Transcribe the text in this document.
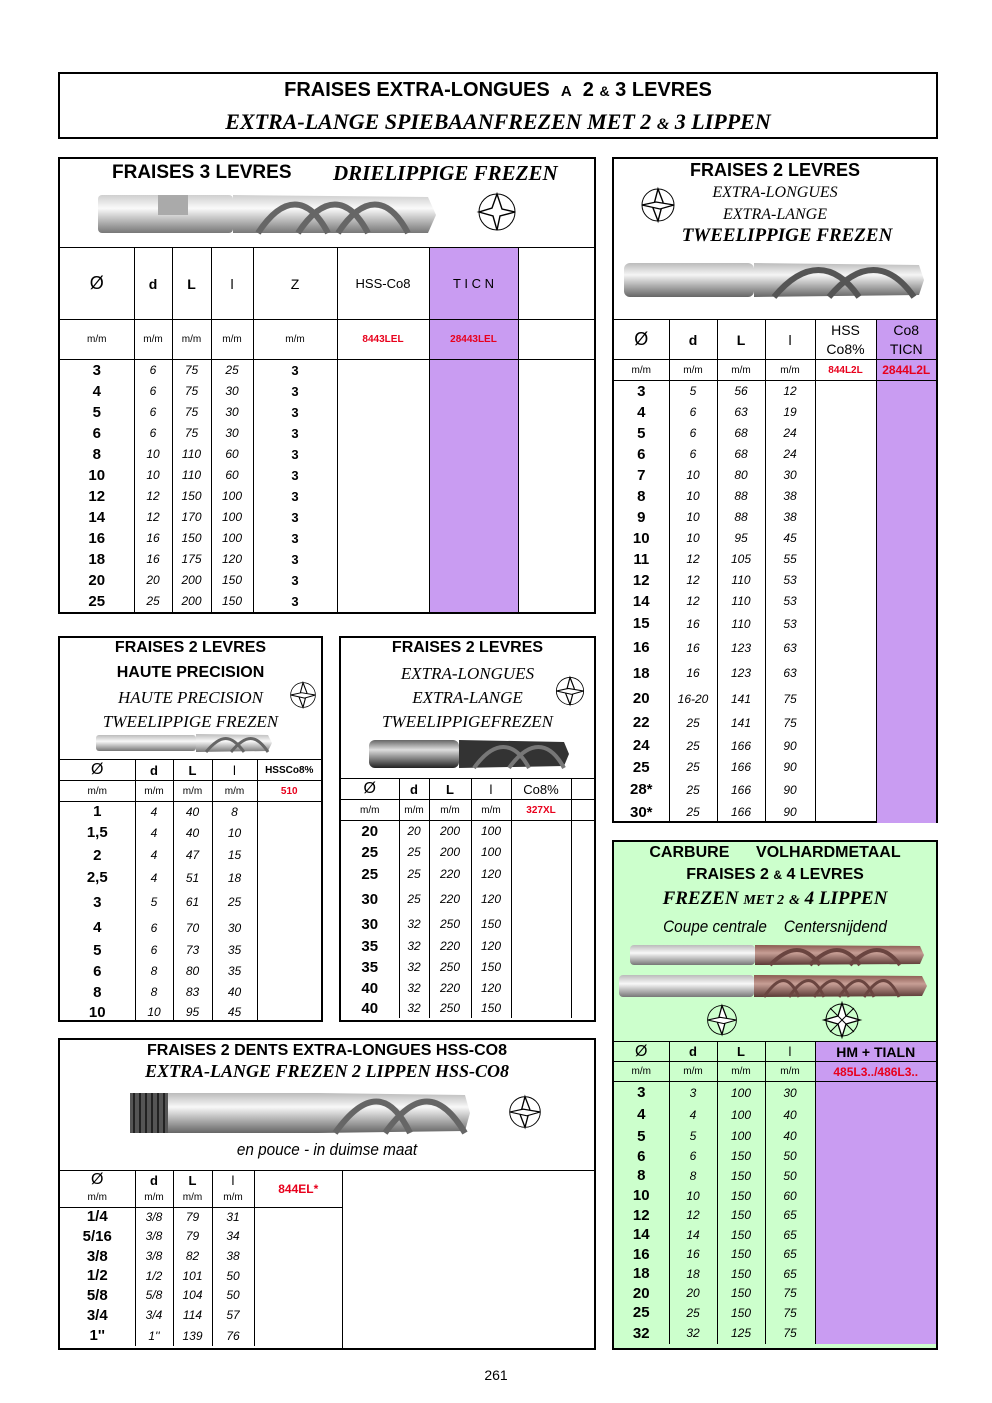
FRAISES EXTRA-LONGUES A 2 & 3 LEVRES
EXTRA-LANGE SPIEBAANFREZEN MET 2 & 3 LIPPEN
FRAISES 3 LEVRES DRIELIPPIGE FREZEN
Ø	d	L	l	Z	HSS-Co8	T I C N	
m/m	m/m	m/m	m/m	m/m	8443LEL	28443LEL	
3	6	75	25	3			
4	6	75	30	3			
5	6	75	30	3			
6	6	75	30	3			
8	10	110	60	3			
10	10	110	60	3			
12	12	150	100	3			
14	12	170	100	3			
16	16	150	100	3			
18	16	175	120	3			
20	20	200	150	3			
25	25	200	150	3			
FRAISES 2 LEVRES
EXTRA-LONGUES
EXTRA-LANGE
TWEELIPPIGE FREZEN
Ø	d	L	l	HSS Co8%	Co8 TICN
m/m	m/m	m/m	m/m	844L2L	2844L2L
3	5	56	12		
4	6	63	19		
5	6	68	24		
6	6	68	24		
7	10	80	30		
8	10	88	38		
9	10	88	38		
10	10	95	45		
11	12	105	55		
12	12	110	53		
14	12	110	53		
15	16	110	53		
16	16	123	63		
18	16	123	63		
20	16-20	141	75		
22	25	141	75		
24	25	166	90		
25	25	166	90		
28*	25	166	90		
30*	25	166	90		
FRAISES 2 LEVRES
HAUTE PRECISION
HAUTE PRECISION
TWEELIPPIGE FREZEN
Ø	d	L	l	HSSCo8%
m/m	m/m	m/m	m/m	510
1	4	40	8	
1,5	4	40	10	
2	4	47	15	
2,5	4	51	18	
3	5	61	25	
4	6	70	30	
5	6	73	35	
6	8	80	35	
8	8	83	40	
10	10	95	45	
FRAISES 2 LEVRES
EXTRA-LONGUES
EXTRA-LANGE
TWEELIPPIGEFREZEN
Ø	d	L	l	Co8%	
m/m	m/m	m/m	m/m	327XL	
20	20	200	100		
25	25	200	100		
25	25	220	120		
30	25	220	120		
30	32	250	150		
35	32	220	120		
35	32	250	150		
40	32	220	120		
40	32	250	150		
FRAISES 2 DENTS EXTRA-LONGUES HSS-CO8
EXTRA-LANGE FREZEN 2 LIPPEN HSS-CO8
en pouce - in duimse maat
Ø	d	L	l	844EL*
m/m	m/m	m/m	m/m	
1/4	3/8	79	31	
5/16	3/8	79	34	
3/8	3/8	82	38	
1/2	1/2	101	50	
5/8	5/8	104	50	
3/4	3/4	114	57	
1''	1''	139	76	
CARBURE VOLHARDMETAAL
FRAISES 2 & 4 LEVRES
FREZEN MET 2 & 4 LIPPEN
Coupe centrale Centersnijdend
Ø	d	L	l	HM + TIALN
m/m	m/m	m/m	m/m	485L3../486L3..
3	3	100	30	
4	4	100	40	
5	5	100	40	
6	6	150	50	
8	8	150	50	
10	10	150	60	
12	12	150	65	
14	14	150	65	
16	16	150	65	
18	18	150	65	
20	20	150	75	
25	25	150	75	
32	32	125	75	
261
